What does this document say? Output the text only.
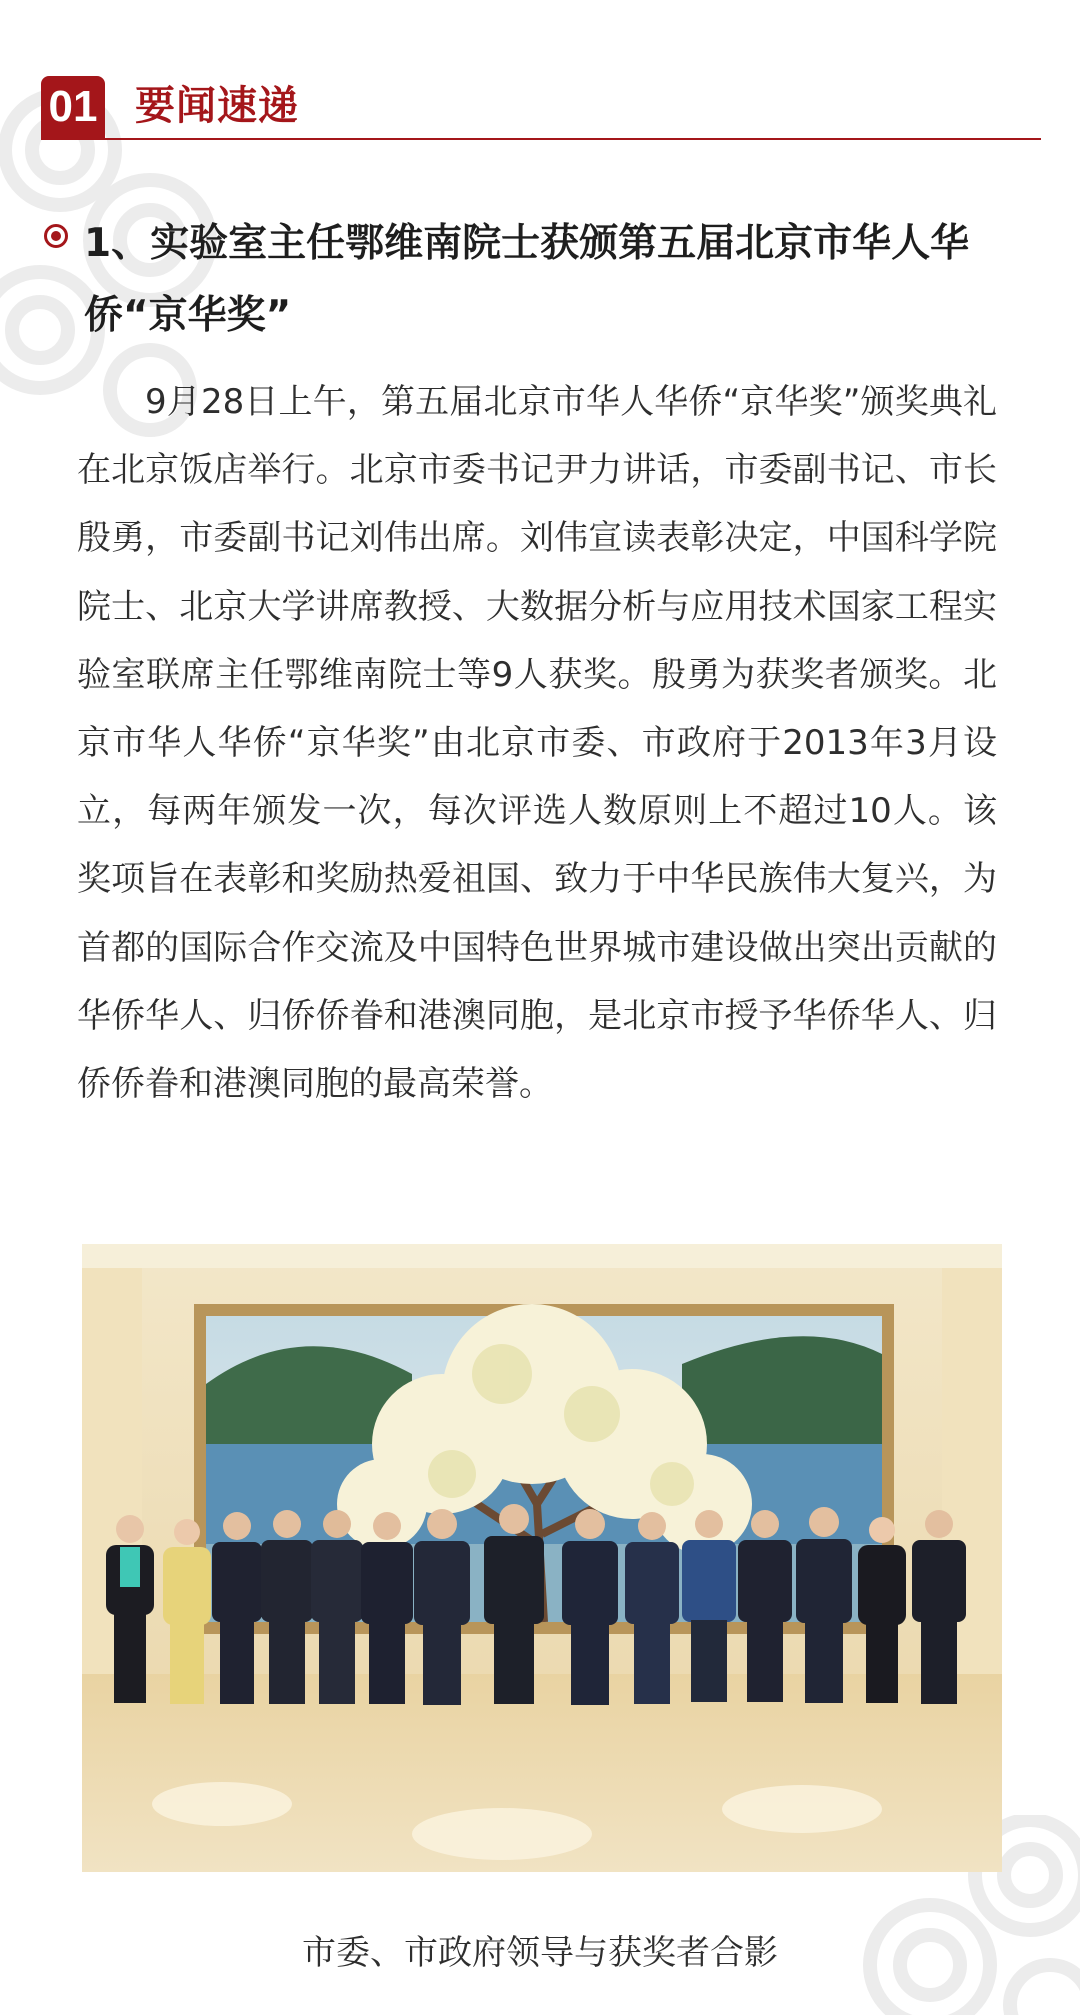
01 要闻速递
1、实验室主任鄂维南院士获颁第五届北京市华人华侨“京华奖”

9月28日上午，第五届北京市华人华侨“京华奖”颁奖典礼在北京饭店举行。北京市委书记尹力讲话，市委副书记、市长殷勇，市委副书记刘伟出席。刘伟宣读表彰决定，中国科学院院士、北京大学讲席教授、大数据分析与应用技术国家工程实验室联席主任鄂维南院士等9人获奖。殷勇为获奖者颁奖。北京市华人华侨“京华奖”由北京市委、市政府于2013年3月设立，每两年颁发一次，每次评选人数原则上不超过10人。该奖项旨在表彰和奖励热爱祖国、致力于中华民族伟大复兴，为首都的国际合作交流及中国特色世界城市建设做出突出贡献的华侨华人、归侨侨眷和港澳同胞，是北京市授予华侨华人、归侨侨眷和港澳同胞的最高荣誉。

市委、市政府领导与获奖者合影
